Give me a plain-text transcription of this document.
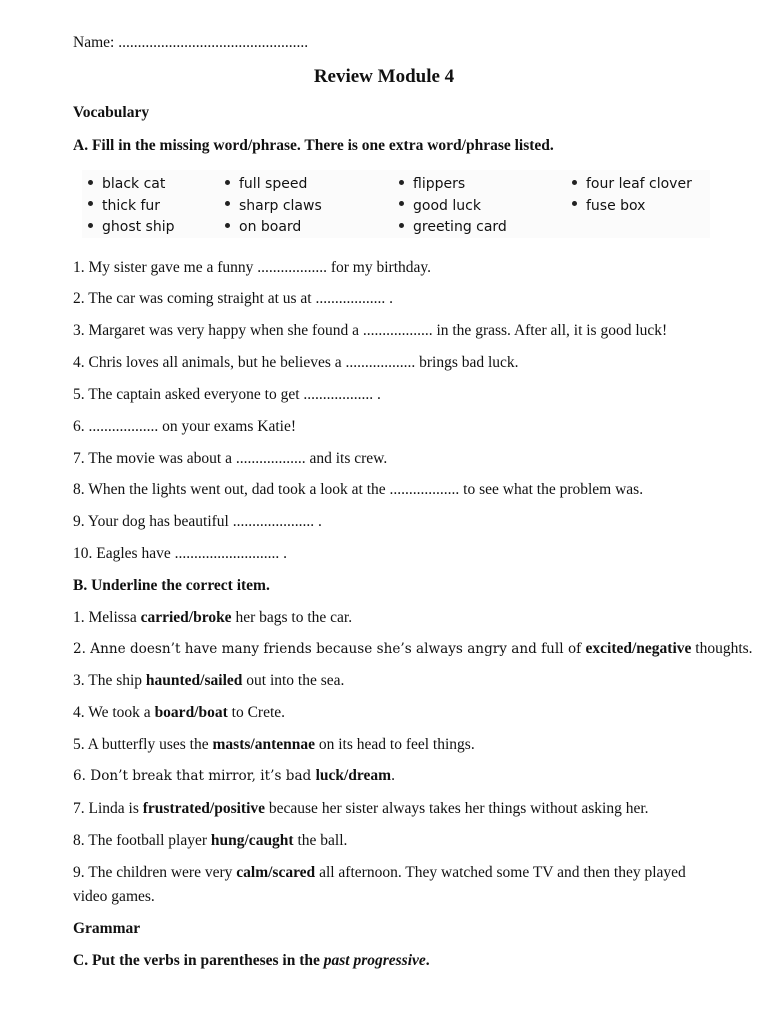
Name: .................................................
Review Module 4
Vocabulary
A. Fill in the missing word/phrase. There is one extra word/phrase listed.
black cat
thick fur
ghost ship
full speed
sharp claws
on board
flippers
good luck
greeting card
four leaf clover
fuse box
1. My sister gave me a funny .................. for my birthday.
2. The car was coming straight at us at .................. .
3. Margaret was very happy when she found a .................. in the grass. After all, it is good luck!
4. Chris loves all animals, but he believes a .................. brings bad luck.
5. The captain asked everyone to get .................. .
6. .................. on your exams Katie!
7. The movie was about a .................. and its crew.
8. When the lights went out, dad took a look at the .................. to see what the problem was.
9. Your dog has beautiful ..................... .
10. Eagles have ........................... .
B. Underline the correct item.
1. Melissa carried/broke her bags to the car.
2. Anne doesn’t have many friends because she’s always angry and full of excited/negative thoughts.
3. The ship haunted/sailed out into the sea.
4. We took a board/boat to Crete.
5. A butterfly uses the masts/antennae on its head to feel things.
6. Don’t break that mirror, it’s bad luck/dream.
7. Linda is frustrated/positive because her sister always takes her things without asking her.
8. The football player hung/caught the ball.
9. The children were very calm/scared all afternoon. They watched some TV and then they played
video games.
Grammar
C. Put the verbs in parentheses in the past progressive.
